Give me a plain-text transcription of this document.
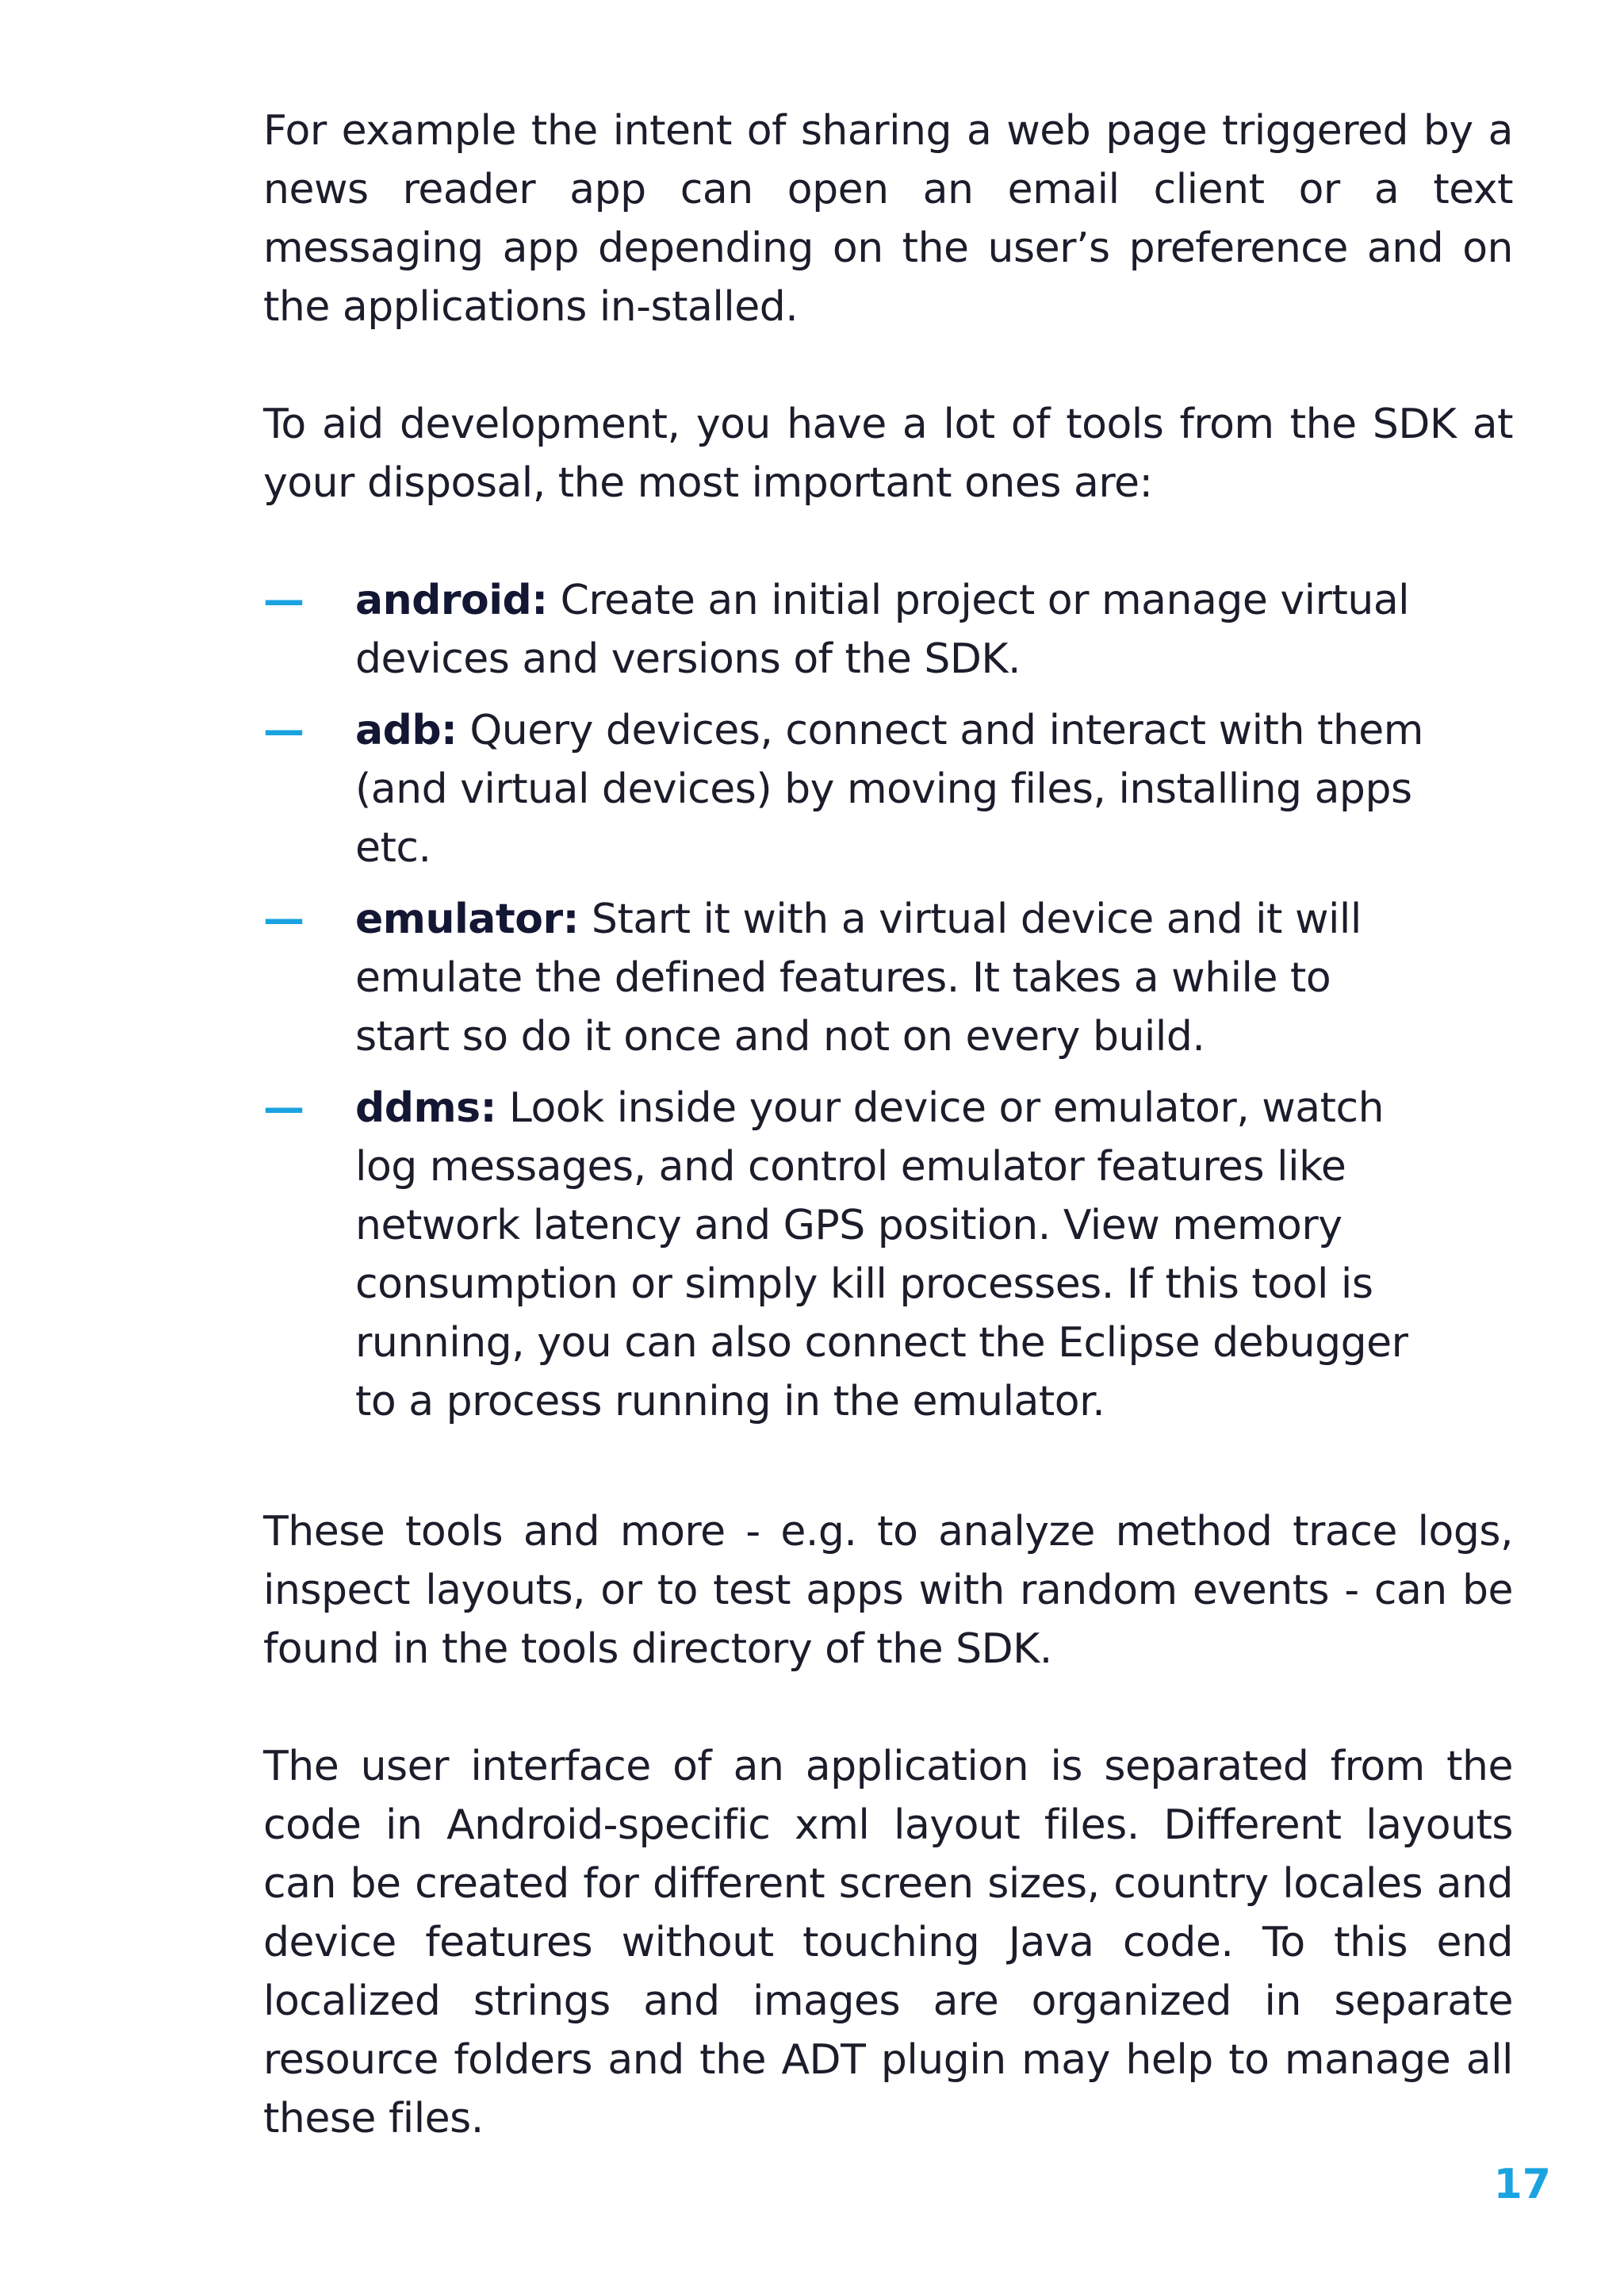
For example the intent of sharing a web page triggered by a news reader app can open an email client or a text messaging app depending on the user’s preference and on the applications in-stalled.

To aid development, you have a lot of tools from the SDK at your disposal, the most important ones are:

—	android: Create an initial project or manage virtual devices and versions of the SDK.
—	adb: Query devices, connect and interact with them (and virtual devices) by moving files, installing apps etc.
—	emulator: Start it with a virtual device and it will emulate the defined features. It takes a while to start so do it once and not on every build.
—	ddms: Look inside your device or emulator, watch log messages, and control emulator features like network latency and GPS position. View memory consumption or simply kill processes. If this tool is running, you can also connect the Eclipse debugger to a process running in the emulator.

These tools and more - e.g. to analyze method trace logs, inspect layouts, or to test apps with random events - can be found in the tools directory of the SDK.

The user interface of an application is separated from the code in Android-specific xml layout files. Different layouts can be created for different screen sizes, country locales and device features without touching Java code. To this end localized strings and images are organized in separate resource folders and the ADT plugin may help to manage all these files.

17
